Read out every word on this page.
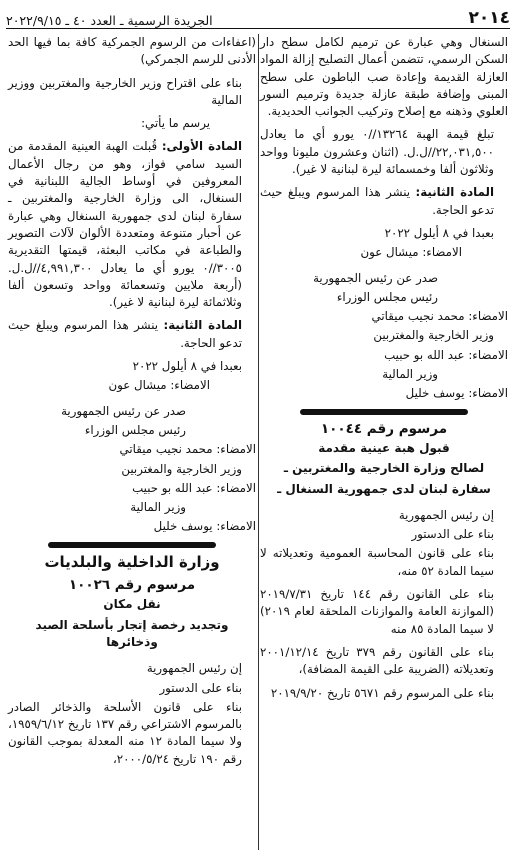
الجريدة الرسمية ـ العدد ٤٠ ـ ٢٠٢٢/٩/١٥	٢٠١٤

السنغال وهي عبارة عن ترميم لكامل سطح دار السكن الرسمي، تتضمن أعمال التصليح إزالة المواد العازلة القديمة وإعادة صب الباطون على سطح المبنى وإضافة طبقة عازلة جديدة وترميم السور العلوي وذهنه مع إصلاح وتركيب الجوانب الحديدية.

تبلغ قيمة الهبة ١٣٢٦٤//٠ يورو أي ما يعادل ٢٢,٠٣١,٥٠٠//ل.ل. (اثنان وعشرون مليونا وواحد وثلاثون ألفا وخمسمائة ليرة لبنانية لا غير).

المادة الثانية: ينشر هذا المرسوم ويبلغ حيث تدعو الحاجة.

بعبدا في ٨ أيلول ٢٠٢٢

الامضاء: ميشال عون

صدر عن رئيس الجمهورية

رئيس مجلس الوزراء

الامضاء: محمد نجيب ميقاتي

وزير الخارجية والمغتربين

الامضاء: عبد الله بو حبيب

وزير المالية

الامضاء: يوسف خليل

مرسوم رقم ١٠٠٤٤
قبول هبة عينية مقدمة
لصالح وزارة الخارجية والمغتربين ـ
سفارة لبنان لدى جمهورية السنغال ـ

إن رئيس الجمهورية

بناء على الدستور

بناء على قانون المحاسبة العمومية وتعديلاته لا سيما المادة ٥٢ منه،

بناء على القانون رقم ١٤٤ تاريخ ٢٠١٩/٧/٣١ (الموازنة العامة والموازنات الملحقة لعام ٢٠١٩) لا سيما المادة ٨٥ منه

بناء على القانون رقم ٣٧٩ تاريخ ٢٠٠١/١٢/١٤ وتعديلاته (الضريبة على القيمة المضافة)،

بناء على المرسوم رقم ٥٦٧١ تاريخ ٢٠١٩/٩/٢٠

(اعفاءات من الرسوم الجمركية كافة بما فيها الحد الأدنى للرسم الجمركي)

بناء على اقتراح وزير الخارجية والمغتربين ووزير المالية

يرسم ما يأتي:

المادة الأولى: قُبلت الهبة العينية المقدمة من السيد سامي فواز، وهو من رجال الأعمال المعروفين في أوساط الجالية اللبنانية في السنغال، الى وزارة الخارجية والمغتربين ـ سفارة لبنان لدى جمهورية السنغال وهي عبارة عن أحبار متنوعة ومتعددة الألوان لآلات التصوير والطباعة في مكاتب البعثة، قيمتها التقديرية ٣٠٠٥//٠ يورو أي ما يعادل ٤,٩٩١,٣٠٠//ل.ل. (أربعة ملايين وتسعمائة وواحد وتسعون ألفا وثلاثمائة ليرة لبنانية لا غير).

المادة الثانية: ينشر هذا المرسوم ويبلغ حيث تدعو الحاجة.

بعبدا في ٨ أيلول ٢٠٢٢

الامضاء: ميشال عون

صدر عن رئيس الجمهورية

رئيس مجلس الوزراء

الامضاء: محمد نجيب ميقاتي

وزير الخارجية والمغتربين

الامضاء: عبد الله بو حبيب

وزير المالية

الامضاء: يوسف خليل

وزارة الداخلية والبلديات
مرسوم رقم ١٠٠٢٦
نقل مكان
وتجديد رخصة إتجار بأسلحة الصيد وذخائرها

إن رئيس الجمهورية

بناء على الدستور

بناء على قانون الأسلحة والذخائر الصادر بالمرسوم الاشتراعي رقم ١٣٧ تاريخ ١٩٥٩/٦/١٢، ولا سيما المادة ١٢ منه المعدلة بموجب القانون رقم ١٩٠ تاريخ ٢٠٠٠/٥/٢٤،
